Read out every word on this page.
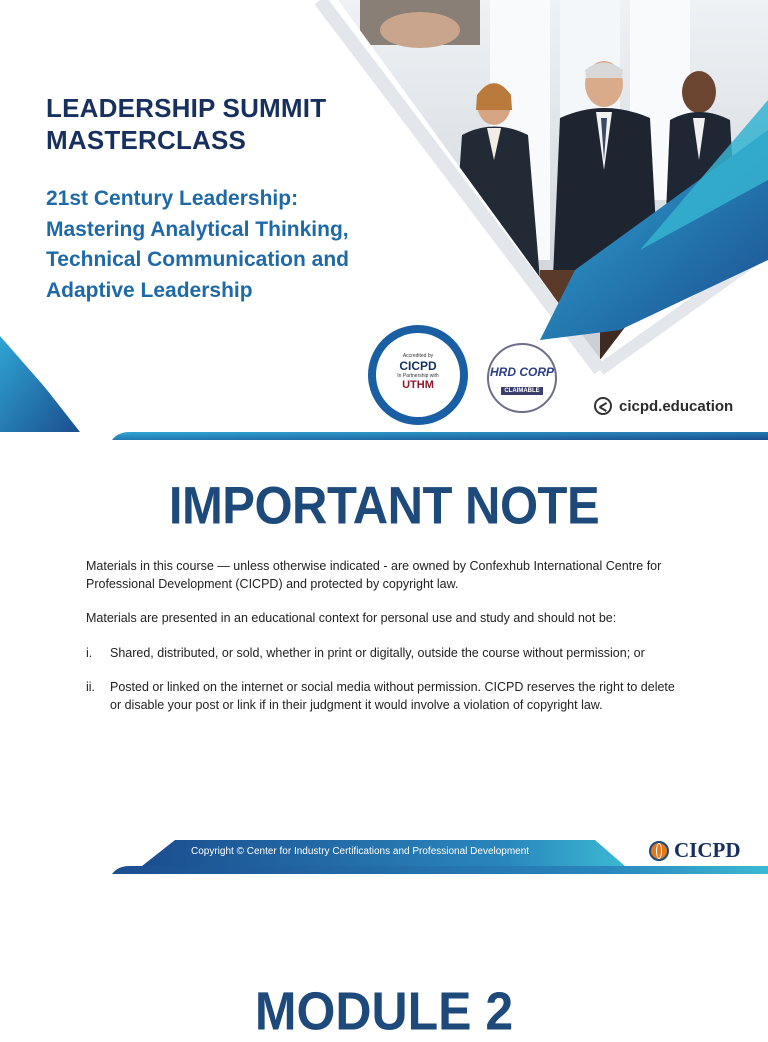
LEADERSHIP SUMMIT
MASTERCLASS
21st Century Leadership:
Mastering Analytical Thinking,
Technical Communication and
Adaptive Leadership
Accredited by
CICPD
In Partnership with
UTHM
HRD CORP
CLAIMABLE
cicpd.education
IMPORTANT NOTE

Materials in this course — unless otherwise indicated - are owned by Confexhub International Centre for Professional Development (CICPD) and protected by copyright law.

Materials are presented in an educational context for personal use and study and should not be:

i. Shared, distributed, or sold, whether in print or digitally, outside the course without permission; or
ii. Posted or linked on the internet or social media without permission. CICPD reserves the right to delete or disable your post or link if in their judgment it would involve a violation of copyright law.
Copyright © Center for Industry Certifications and Professional Development	CICPD
MODULE 2
